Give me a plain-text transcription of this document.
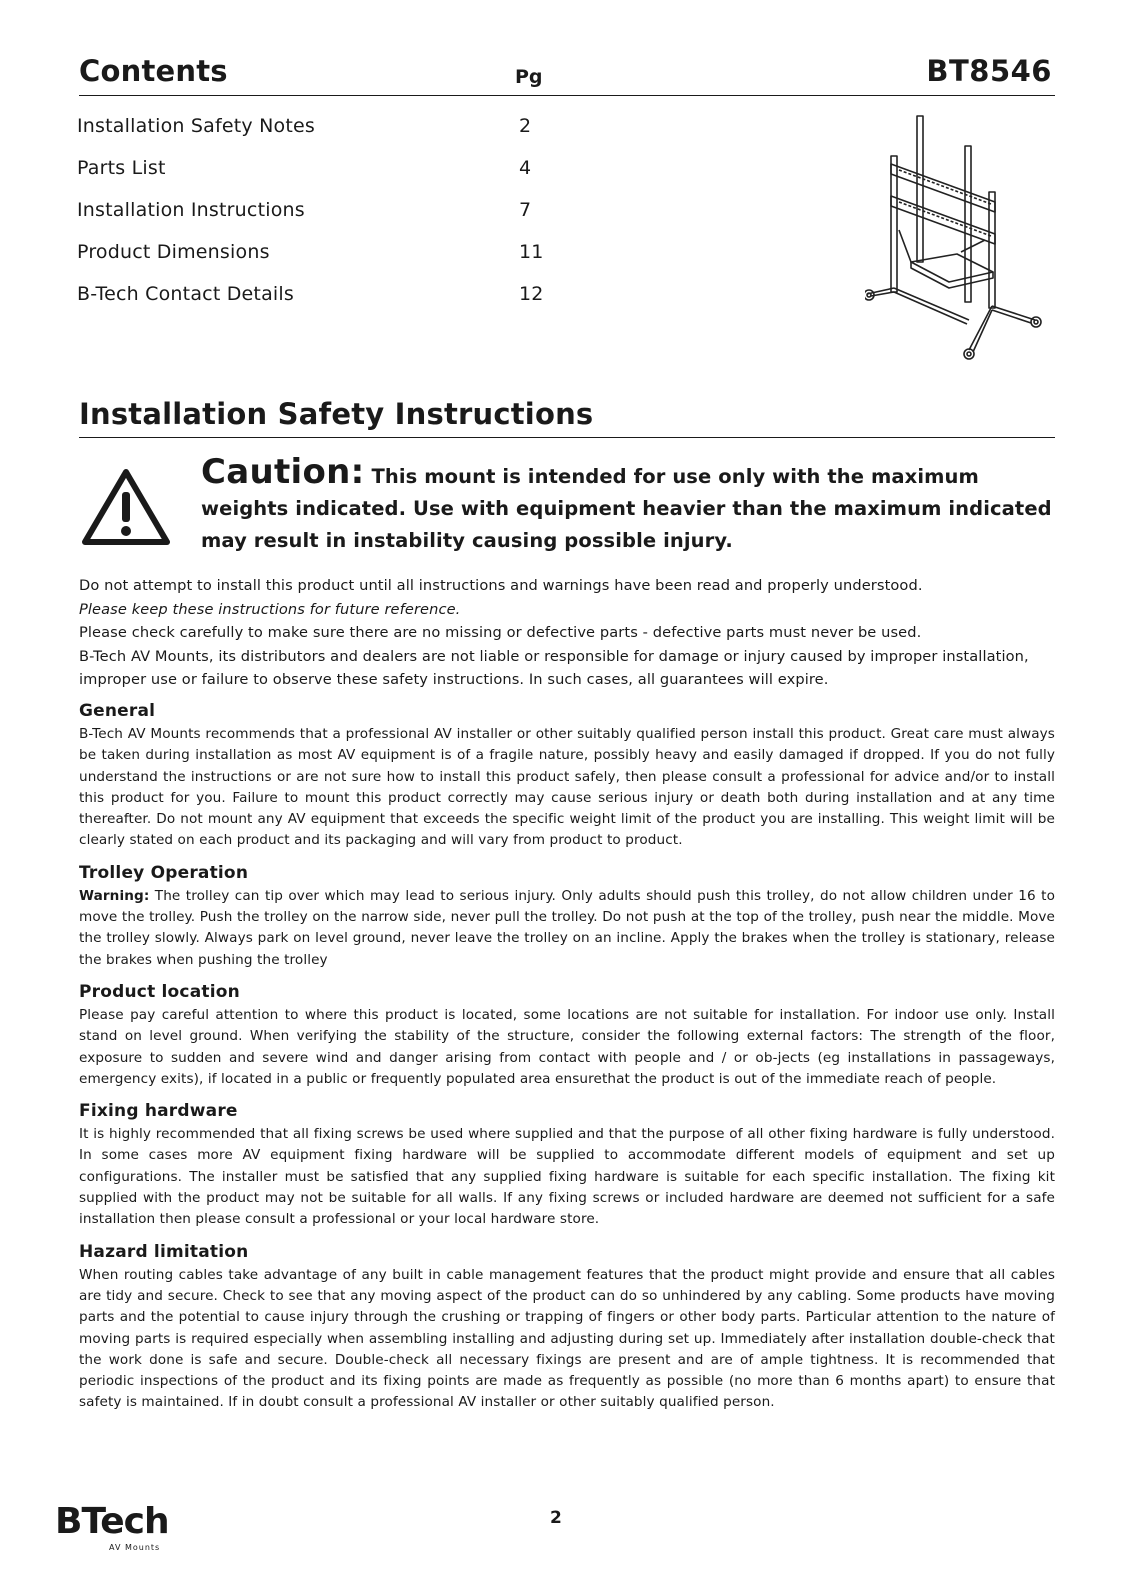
Contents	Pg	BT8546
Installation Safety Notes	2
Parts List	4
Installation Instructions	7
Product Dimensions	11
B-Tech Contact Details	12
Installation Safety Instructions
Caution: This mount is intended for use only with the maximum weights indicated. Use with equipment heavier than the maximum indicated may result in instability causing possible injury.

Do not attempt to install this product until all instructions and warnings have been read and properly understood.

Please keep these instructions for future reference.

Please check carefully to make sure there are no missing or defective parts - defective parts must never be used.

B-Tech AV Mounts, its distributors and dealers are not liable or responsible for damage or injury caused by improper installation, improper use or failure to observe these safety instructions. In such cases, all guarantees will expire.

General

B-Tech AV Mounts recommends that a professional AV installer or other suitably qualified person install this product. Great care must always be taken during installation as most AV equipment is of a fragile nature, possibly heavy and easily damaged if dropped. If you do not fully understand the instructions or are not sure how to install this product safely, then please consult a professional for advice and/or to install this product for you. Failure to mount this product correctly may cause serious injury or death both during installation and at any time thereafter. Do not mount any AV equipment that exceeds the specific weight limit of the product you are installing. This weight limit will be clearly stated on each product and its packaging and will vary from product to product.

Trolley Operation

Warning: The trolley can tip over which may lead to serious injury. Only adults should push this trolley, do not allow children under 16 to move the trolley. Push the trolley on the narrow side, never pull the trolley. Do not push at the top of the trolley, push near the middle. Move the trolley slowly. Always park on level ground, never leave the trolley on an incline. Apply the brakes when the trolley is stationary, release the brakes when pushing the trolley

Product location

Please pay careful attention to where this product is located, some locations are not suitable for installation. For indoor use only. Install stand on level ground. When verifying the stability of the structure, consider the following external factors: The strength of the floor, exposure to sudden and severe wind and danger arising from contact with people and / or ob-jects (eg installations in passageways, emergency exits), if located in a public or frequently populated area ensurethat the product is out of the immediate reach of people.

Fixing hardware

It is highly recommended that all fixing screws be used where supplied and that the purpose of all other fixing hardware is fully understood. In some cases more AV equipment fixing hardware will be supplied to accommodate different models of equipment and set up configurations. The installer must be satisfied that any supplied fixing hardware is suitable for each specific installation. The fixing kit supplied with the product may not be suitable for all walls. If any fixing screws or included hardware are deemed not sufficient for a safe installation then please consult a professional or your local hardware store.

Hazard limitation

When routing cables take advantage of any built in cable management features that the product might provide and ensure that all cables are tidy and secure. Check to see that any moving aspect of the product can do so unhindered by any cabling. Some products have moving parts and the potential to cause injury through the crushing or trapping of fingers or other body parts. Particular attention to the nature of moving parts is required especially when assembling installing and adjusting during set up. Immediately after installation double-check that the work done is safe and secure. Double-check all necessary fixings are present and are of ample tightness. It is recommended that periodic inspections of the product and its fixing points are made as frequently as possible (no more than 6 months apart) to ensure that safety is maintained. If in doubt consult a professional AV installer or other suitably qualified person.

BTech
AV Mounts
2
